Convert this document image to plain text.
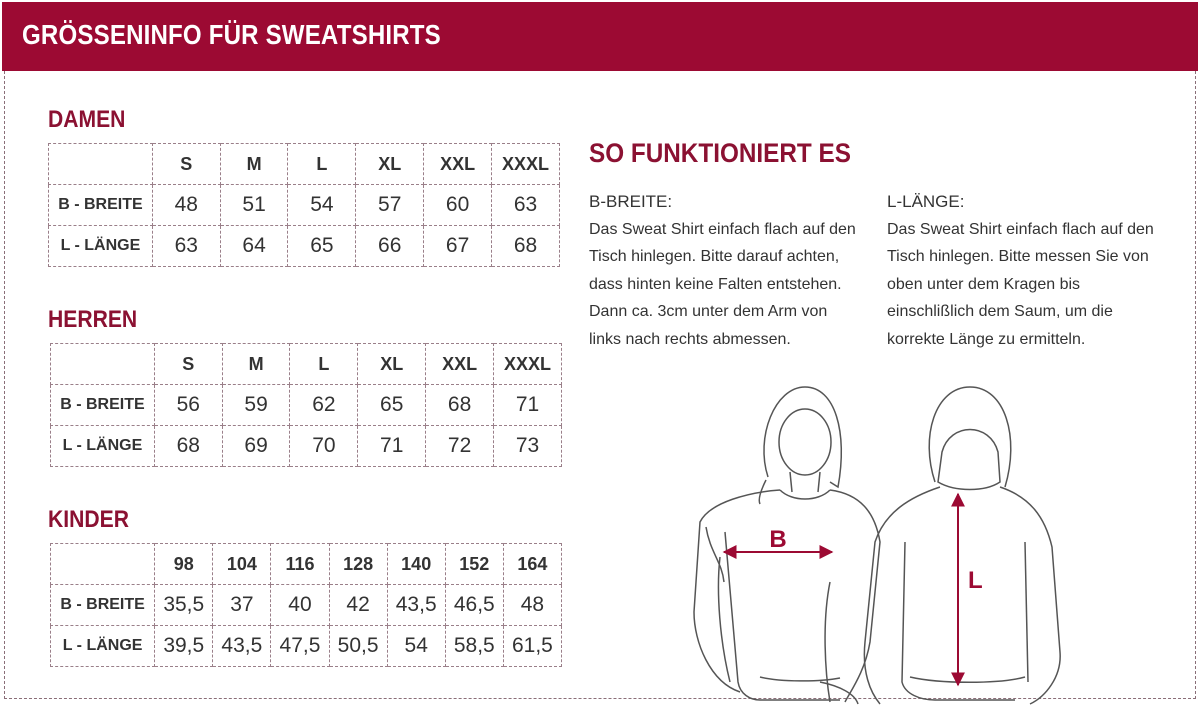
GRÖSSENINFO FÜR SWEATSHIRTS
DAMEN
	S	M	L	XL	XXL	XXXL
B - BREITE	48	51	54	57	60	63
L - LÄNGE	63	64	65	66	67	68
HERREN
	S	M	L	XL	XXL	XXXL
B - BREITE	56	59	62	65	68	71
L - LÄNGE	68	69	70	71	72	73
KINDER
	98	104	116	128	140	152	164
B - BREITE	35,5	37	40	42	43,5	46,5	48
L - LÄNGE	39,5	43,5	47,5	50,5	54	58,5	61,5
SO FUNKTIONIERT ES

B-BREITE:

Das Sweat Shirt einfach flach auf den Tisch hinlegen. Bitte darauf achten, dass hinten keine Falten entstehen. Dann ca. 3cm unter dem Arm von links nach rechts abmessen.

L-LÄNGE:

Das Sweat Shirt einfach flach auf den Tisch hinlegen. Bitte messen Sie von oben unter dem Kragen bis einschlißlich dem Saum, um die korrekte Länge zu ermitteln.

B
L
